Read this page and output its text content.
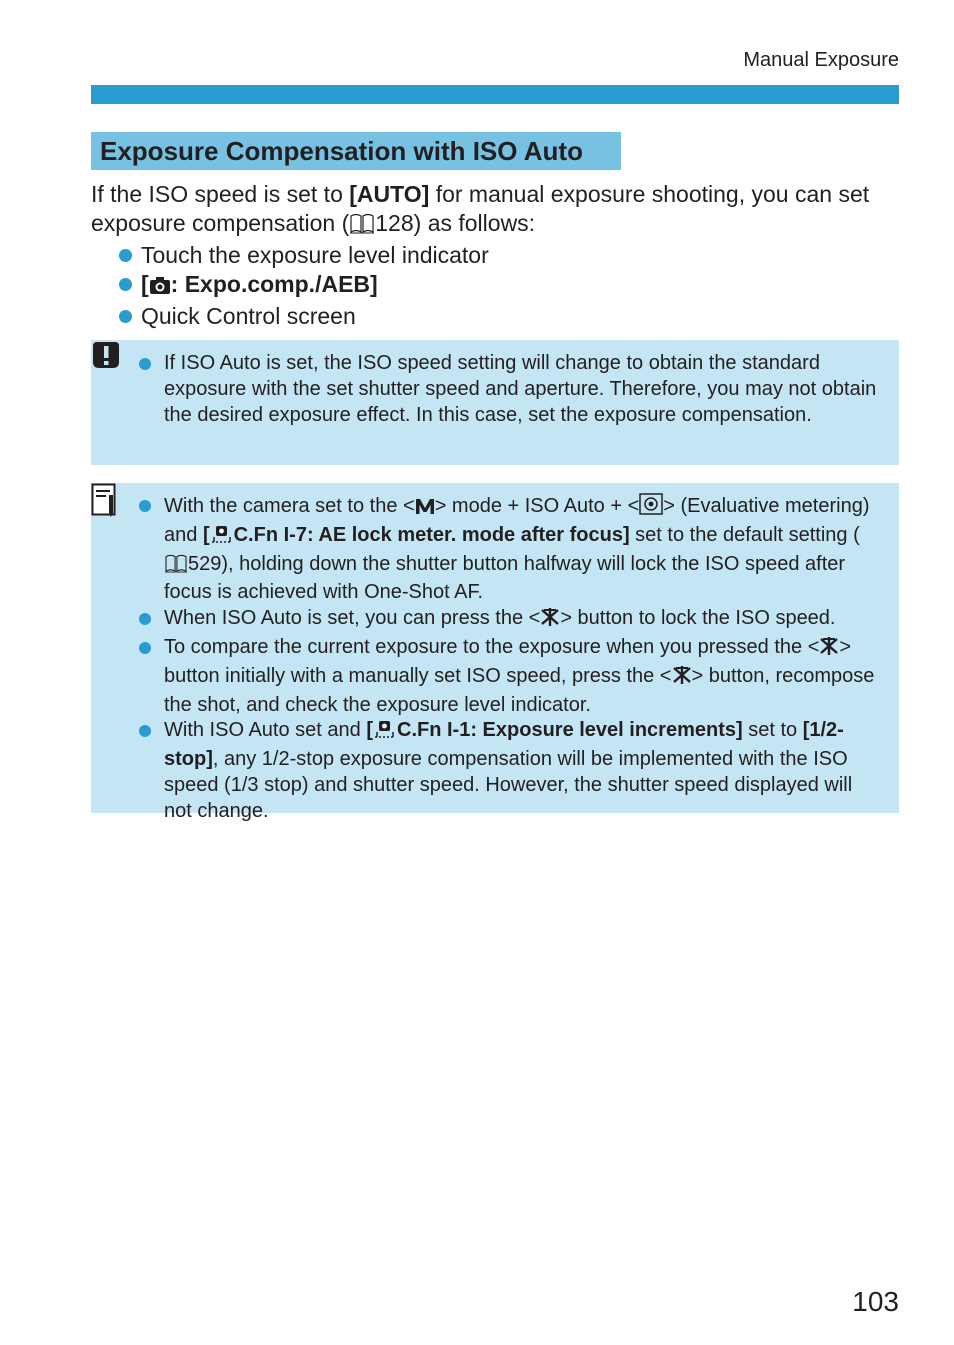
Manual Exposure
Exposure Compensation with ISO Auto

If the ISO speed is set to [AUTO] for manual exposure shooting, you can set exposure compensation ( 128) as follows:

Touch the exposure level indicator
[ : Expo.comp./AEB]
Quick Control screen
If ISO Auto is set, the ISO speed setting will change to obtain the standard exposure with the set shutter speed and aperture. Therefore, you may not obtain the desired exposure effect. In this case, set the exposure compensation.
With the camera set to the < > mode + ISO Auto + < > (Evaluative metering) and [ C.Fn I-7: AE lock meter. mode after focus] set to the default setting (529), holding down the shutter button halfway will lock the ISO speed after focus is achieved with One-Shot AF.
When ISO Auto is set, you can press the < > button to lock the ISO speed.
To compare the current exposure to the exposure when you pressed the < > button initially with a manually set ISO speed, press the < > button, recompose the shot, and check the exposure level indicator.
With ISO Auto set and [ C.Fn I-1: Exposure level increments] set to [1/2-stop], any 1/2-stop exposure compensation will be implemented with the ISO speed (1/3 stop) and shutter speed. However, the shutter speed displayed will not change.
103
